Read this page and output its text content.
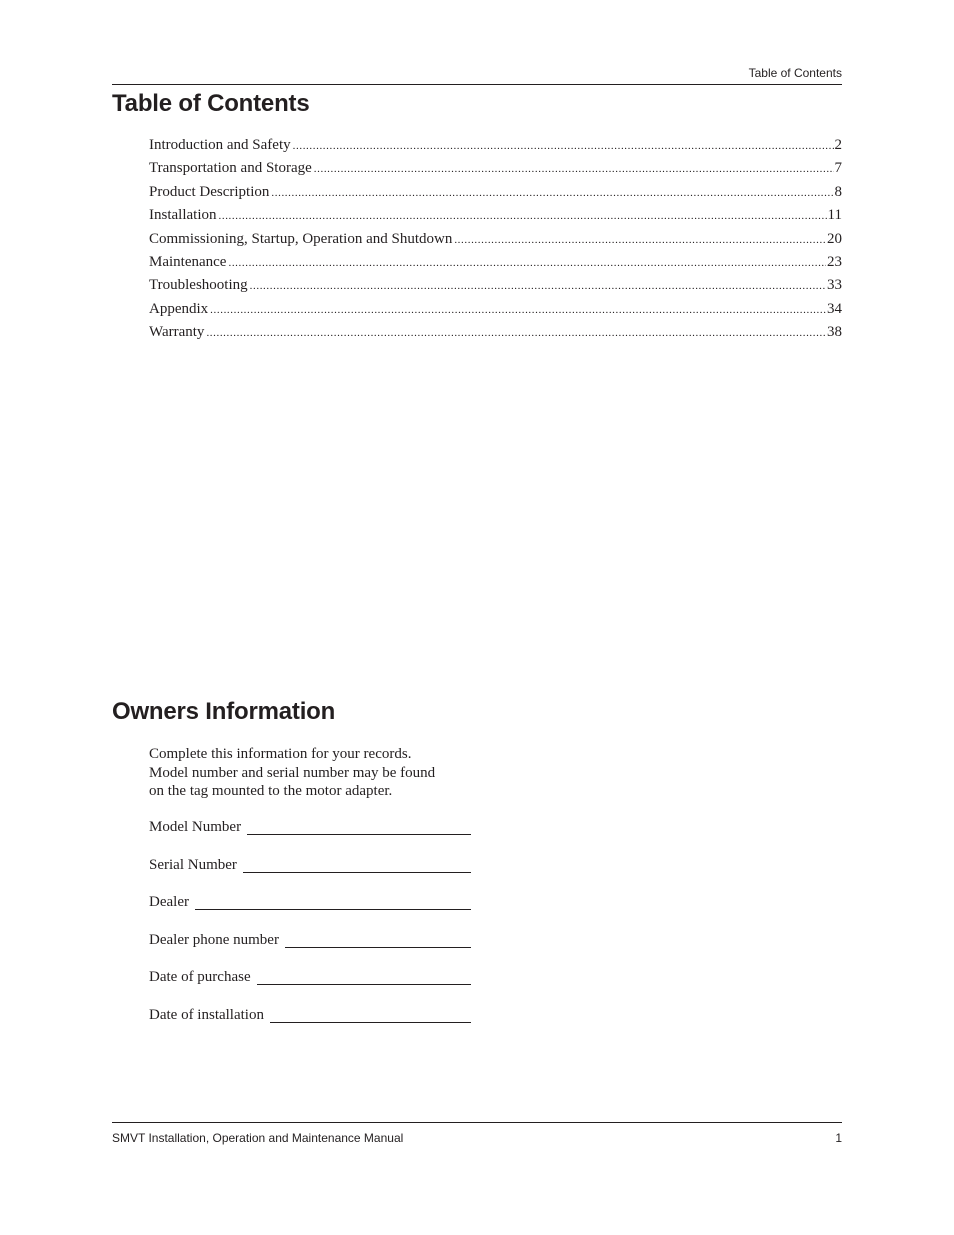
Table of Contents
Table of Contents
Introduction and Safety .....	2
Transportation and Storage .....	7
Product Description .....	8
Installation .....	11
Commissioning, Startup, Operation and Shutdown .....	20
Maintenance .....	23
Troubleshooting .....	33
Appendix .....	34
Warranty .....	38
Owners Information
Complete this information for your records.
Model number and serial number may be found
on the tag mounted to the motor adapter.
Model Number
Serial Number
Dealer
Dealer phone number
Date of purchase
Date of installation
SMVT Installation, Operation and Maintenance Manual	1
